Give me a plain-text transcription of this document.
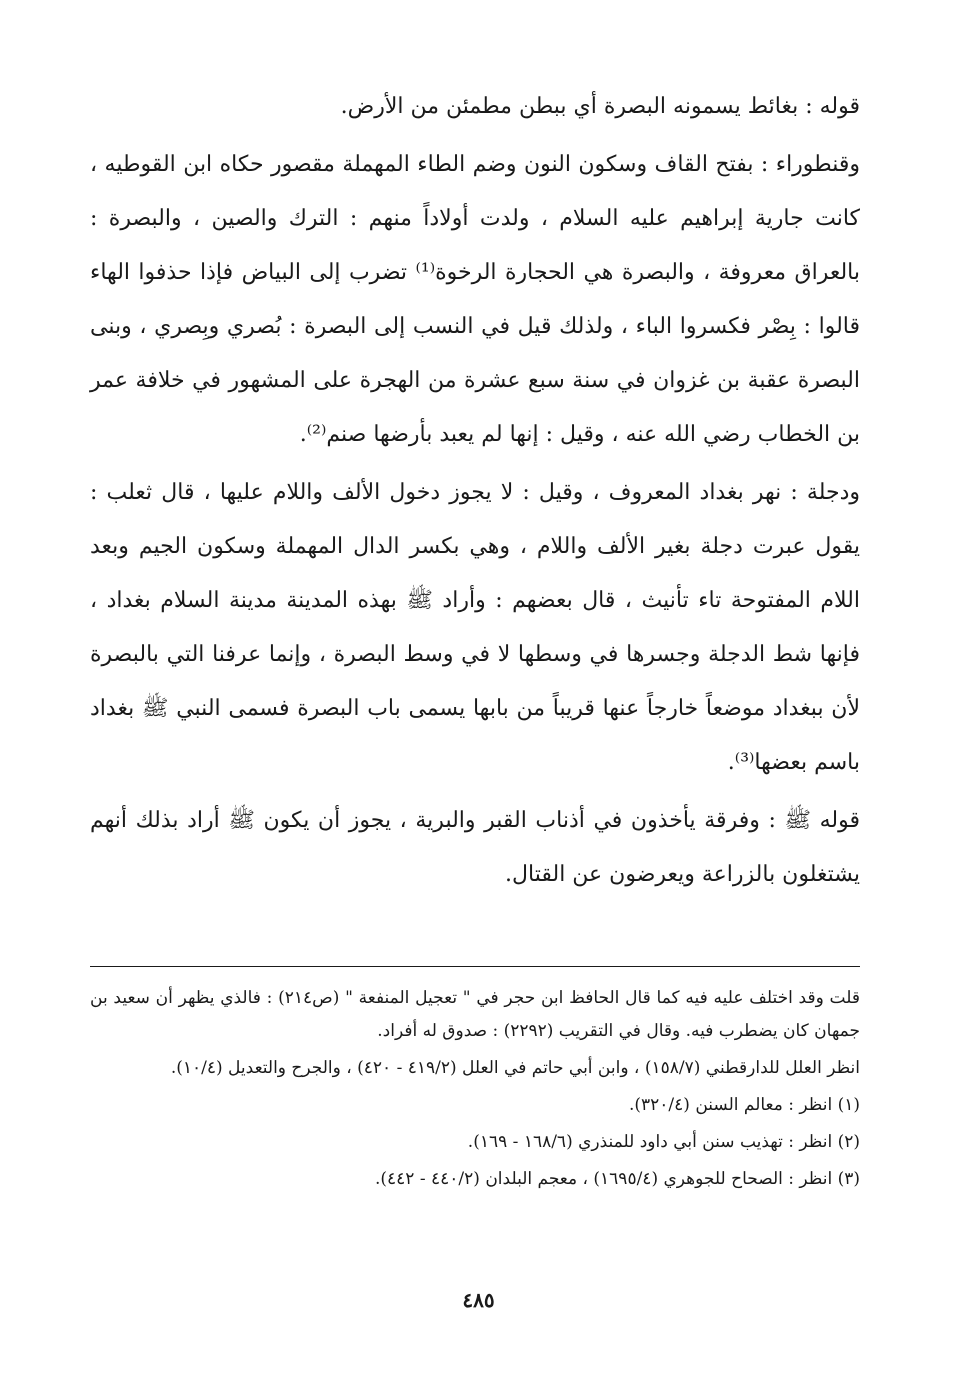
قوله : بغائط يسمونه البصرة أي ببطن مطمئن من الأرض.

وقنطوراء : بفتح القاف وسكون النون وضم الطاء المهملة مقصور حكاه ابن القوطيه ، كانت جارية إبراهيم عليه السلام ، ولدت أولاداً منهم : الترك والصين ، والبصرة : بالعراق معروفة ، والبصرة هي الحجارة الرخوة⁽¹⁾ تضرب إلى البياض فإذا حذفوا الهاء قالوا : بِصْر فكسروا الباء ، ولذلك قيل في النسب إلى البصرة : بُصري وبِصري ، وبنى البصرة عقبة بن غزوان في سنة سبع عشرة من الهجرة على المشهور في خلافة عمر بن الخطاب رضي الله عنه ، وقيل : إنها لم يعبد بأرضها صنم⁽²⁾.

ودجلة : نهر بغداد المعروف ، وقيل : لا يجوز دخول الألف واللام عليها ، قال ثعلب : يقول عبرت دجلة بغير الألف واللام ، وهي بكسر الدال المهملة وسكون الجيم وبعد اللام المفتوحة تاء تأنيث ، قال بعضهم : وأراد ﷺ بهذه المدينة مدينة السلام بغداد ، فإنها شط الدجلة وجسرها في وسطها لا في وسط البصرة ، وإنما عرفنا التي بالبصرة لأن ببغداد موضعاً خارجاً عنها قريباً من بابها يسمى باب البصرة فسمى النبي ﷺ بغداد باسم بعضها⁽³⁾.

قوله ﷺ : وفرقة يأخذون في أذناب القبر والبرية ، يجوز أن يكون ﷺ أراد بذلك أنهم يشتغلون بالزراعة ويعرضون عن القتال.

قلت وقد اختلف عليه فيه كما قال الحافظ ابن حجر في " تعجيل المنفعة " (ص٢١٤) : فالذي يظهر أن سعيد بن جمهان كان يضطرب فيه. وقال في التقريب (٢٢٩٢) : صدوق له أفراد.

انظر العلل للدارقطني (١٥٨/٧) ، وابن أبي حاتم في العلل (٤١٩/٢ - ٤٢٠) ، والجرح والتعديل (١٠/٤).

(١) انظر : معالم السنن (٣٢٠/٤).

(٢) انظر : تهذيب سنن أبي داود للمنذري (١٦٨/٦ - ١٦٩).

(٣) انظر : الصحاح للجوهري (١٦٩٥/٤) ، معجم البلدان (٤٤٠/٢ - ٤٤٢).

٤٨٥
